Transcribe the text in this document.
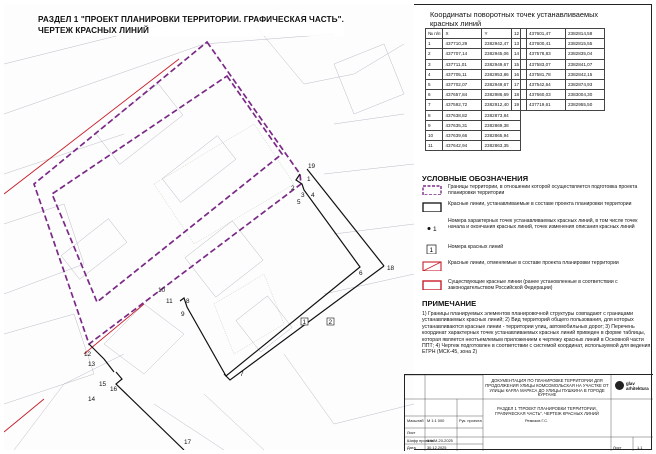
1	2
1
2
3 4
5
6
7
8
9
10
11
12
13
14
15
16
17
18
19
РАЗДЕЛ 1 "ПРОЕКТ ПЛАНИРОВКИ ТЕРРИТОРИИ. ГРАФИЧЕСКАЯ ЧАСТЬ".
ЧЕРТЕЖ КРАСНЫХ ЛИНИЙ
Координаты поворотных точек устанавливаемых красных линий
№ п/п	X	Y
1	437710,29	2382942,47
2	437707,14	2382945,06
3	437711,01	2382949,67
4	437705,11	2382953,86
5	437702,07	2382949,67
6	437657,84	2382986,69
7	437592,72	2382912,40
8	437638,82	2382873,84
9	437635,31	2382869,38
10	437639,66	2382865,94
11	437642,94	2382863,35
12	437601,47	2382814,58
13	437600,41	2382815,55
14	437578,83	2382835,04
15	437583,07	2382841,07
16	437581,78	2382842,15
17	437542,64	2382874,93
18	437660,03	2383004,30
19	437719,61	2382955,50
УСЛОВНЫЕ ОБОЗНАЧЕНИЯ
Границы территории, в отношении которой осуществляется подготовка проекта планировки территории
Красные линии, устанавливаемые в составе проекта планировки территории
1
Номера характерных точек устанавливаемых красных линий, в том числе точек начала и окончания красных линий, точек изменения описания красных линий
1	Номера красных линий
Красные линии, отменяемые в составе проекта планировки территории
Существующие красные линии (ранее установленные в соответствии с законодательством Российской Федерации)
ПРИМЕЧАНИЕ
1) Границы планируемых элементов планировочной структуры совпадают с границами устанавливаемых красных линий; 2) Вид территорий общего пользования, для которых устанавливаются красные линии - территории улиц, автомобильных дорог; 3) Перечень координат характерных точек устанавливаемых красных линий приведен в форме таблицы, которая является неотъемлемым приложением к чертежу красных линий в Основной части ППТ; 4) Чертеж подготовлен в соответствии с системой координат, используемой для ведения ЕГРН (МСК-45, зона 2)
Масштаб М 1:1 000
Лист
Шифр проекта
ШЫМ-20-2025
Дата	30.12.2025
Рук. проекта	Ремизов Г.С.
Лист	1.1
ДОКУМЕНТАЦИЯ ПО ПЛАНИРОВКЕ ТЕРРИТОРИИ ДЛЯ ПРОДОЛЖЕНИЯ УЛИЦЫ КОМСОМОЛЬСКАЯ НА УЧАСТКЕ ОТ УЛИЦЫ КАРЛА МАРКСА ДО УЛИЦЫ ПУШКИНА В ГОРОДЕ КУРГАНЕ
РАЗДЕЛ 1 "ПРОЕКТ ПЛАНИРОВКИ ТЕРРИТОРИИ. ГРАФИЧЕСКАЯ ЧАСТЬ". ЧЕРТЕЖ КРАСНЫХ ЛИНИЙ
glav
arhitektura
